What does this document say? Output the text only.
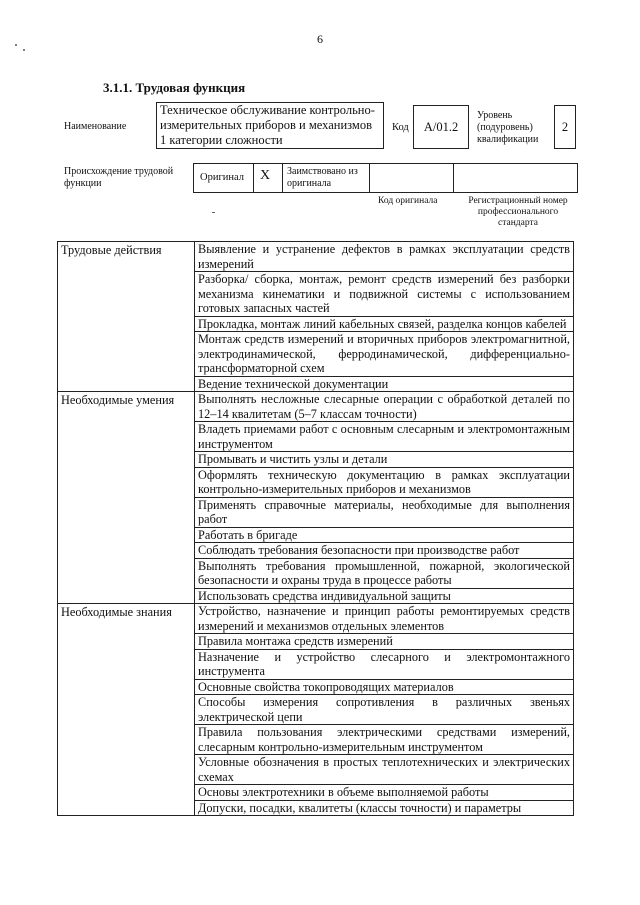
6
3.1.1. Трудовая функция
Наименование
Техническое обслуживание контрольно-измерительных приборов и механизмов 1 категории сложности
Код А/01.2
Уровень (подуровень) квалификации
2
Происхождение трудовой функции
Оригинал X Заимствовано из оригинала
Код оригинала	Регистрационный номер профессионального стандарта
Трудовые действия	Выявление и устранение дефектов в рамках эксплуатации средств измерений
	Разборка/ сборка, монтаж, ремонт средств измерений без разборки механизма кинематики и подвижной системы с использованием готовых запасных частей
	Прокладка, монтаж линий кабельных связей, разделка концов кабелей
	Монтаж средств измерений и вторичных приборов электромагнитной, электродинамической, ферродинамической, дифференциально-трансформаторной схем
	Ведение технической документации
Необходимые умения	Выполнять несложные слесарные операции с обработкой деталей по 12–14 квалитетам (5–7 классам точности)
	Владеть приемами работ с основным слесарным и электромонтажным инструментом
	Промывать и чистить узлы и детали
	Оформлять техническую документацию в рамках эксплуатации контрольно-измерительных приборов и механизмов
	Применять справочные материалы, необходимые для выполнения работ
	Работать в бригаде
	Соблюдать требования безопасности при производстве работ
	Выполнять требования промышленной, пожарной, экологической безопасности и охраны труда в процессе работы
	Использовать средства индивидуальной защиты
Необходимые знания	Устройство, назначение и принцип работы ремонтируемых средств измерений и механизмов отдельных элементов
	Правила монтажа средств измерений
	Назначение и устройство слесарного и электромонтажного инструмента
	Основные свойства токопроводящих материалов
	Способы измерения сопротивления в различных звеньях электрической цепи
	Правила пользования электрическими средствами измерений, слесарным контрольно-измерительным инструментом
	Условные обозначения в простых теплотехнических и электрических схемах
	Основы электротехники в объеме выполняемой работы
	Допуски, посадки, квалитеты (классы точности) и параметры
